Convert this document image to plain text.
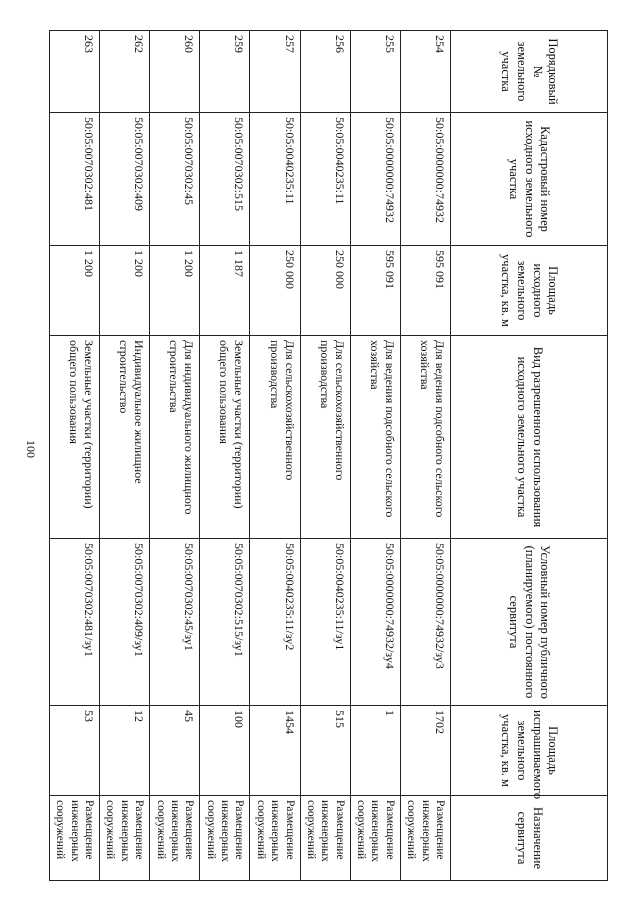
100
Порядковый № земельного участка	Кадастровый номер исходного земельного участка	Площадь исходного земельного участка, кв. м	Вид разрешенного использования исходного земельного участка	Условный номер публичного (планируемого) постоянного сервитута	Площадь испрашиваемого земельного участка, кв. м	Назначение сервитута
254	50:05:0000000:74932	595 091	Для ведения подсобного сельского хозяйства	50:05:0000000:74932/зу3	1702	Размещение инженерных сооружений
255	50:05:0000000:74932	595 091	Для ведения подсобного сельского хозяйства	50:05:0000000:74932/зу4	1	Размещение инженерных сооружений
256	50:05:0040235:11	250 000	Для сельскохозяйственного производства	50:05:0040235:11/зу1	515	Размещение инженерных сооружений
257	50:05:0040235:11	250 000	Для сельскохозяйственного производства	50:05:0040235:11/зу2	1454	Размещение инженерных сооружений
259	50:05:0070302:515	1 187	Земельные участки (территории) общего пользования	50:05:0070302:515/зу1	100	Размещение инженерных сооружений
260	50:05:0070302:45	1 200	Для индивидуального жилищного строительства	50:05:0070302:45/зу1	45	Размещение инженерных сооружений
262	50:05:0070302:409	1 200	Индивидуальное жилищное строительство	50:05:0070302:409/зу1	12	Размещение инженерных сооружений
263	50:05:0070302:481	1 200	Земельные участки (территории) общего пользования	50:05:0070302:481/зу1	53	Размещение инженерных сооружений
